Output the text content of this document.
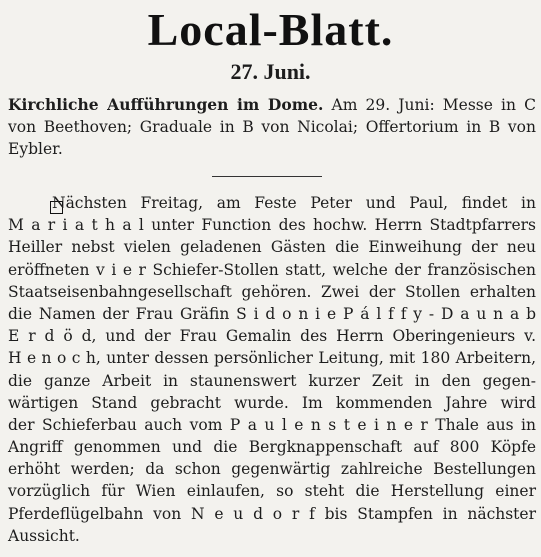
Local-Blatt.
27. Juni.
Kirchliche Aufführungen im Dome. Am 29. Juni: Messe in C von Beethoven; Graduale in B von Nicolai; Offertorium in B von Eybler.
Nächsten Freitag, am Feste Peter und Paul, findet in
M a r i a t h a l unter Function des hochw. Herrn Stadtpfarrers
Heiller nebst vielen geladenen Gästen die Einweihung der neu
eröffneten v i e r Schiefer-Stollen statt, welche der französischen
Staatseisenbahngesellschaft gehören. Zwei der Stollen erhalten
die Namen der Frau Gräfin S i d o n i e P á l f f y - D a u n a b
E r d ö d, und der Frau Gemalin des Herrn Oberingenieurs v.
H e n o c h, unter dessen persönlicher Leitung, mit 180 Arbeitern,
die ganze Arbeit in staunenswert kurzer Zeit in den gegen-
wärtigen Stand gebracht wurde. Im kommenden Jahre wird
der Schieferbau auch vom P a u l e n s t e i n e r Thale aus in
Angriff genommen und die Bergknappenschaft auf 800 Köpfe
erhöht werden; da schon gegenwärtig zahlreiche Bestellungen
vorzüglich für Wien einlaufen, so steht die Herstellung einer
Pferdeflügelbahn von N e u d o r f bis Stampfen in nächster
Aussicht.
